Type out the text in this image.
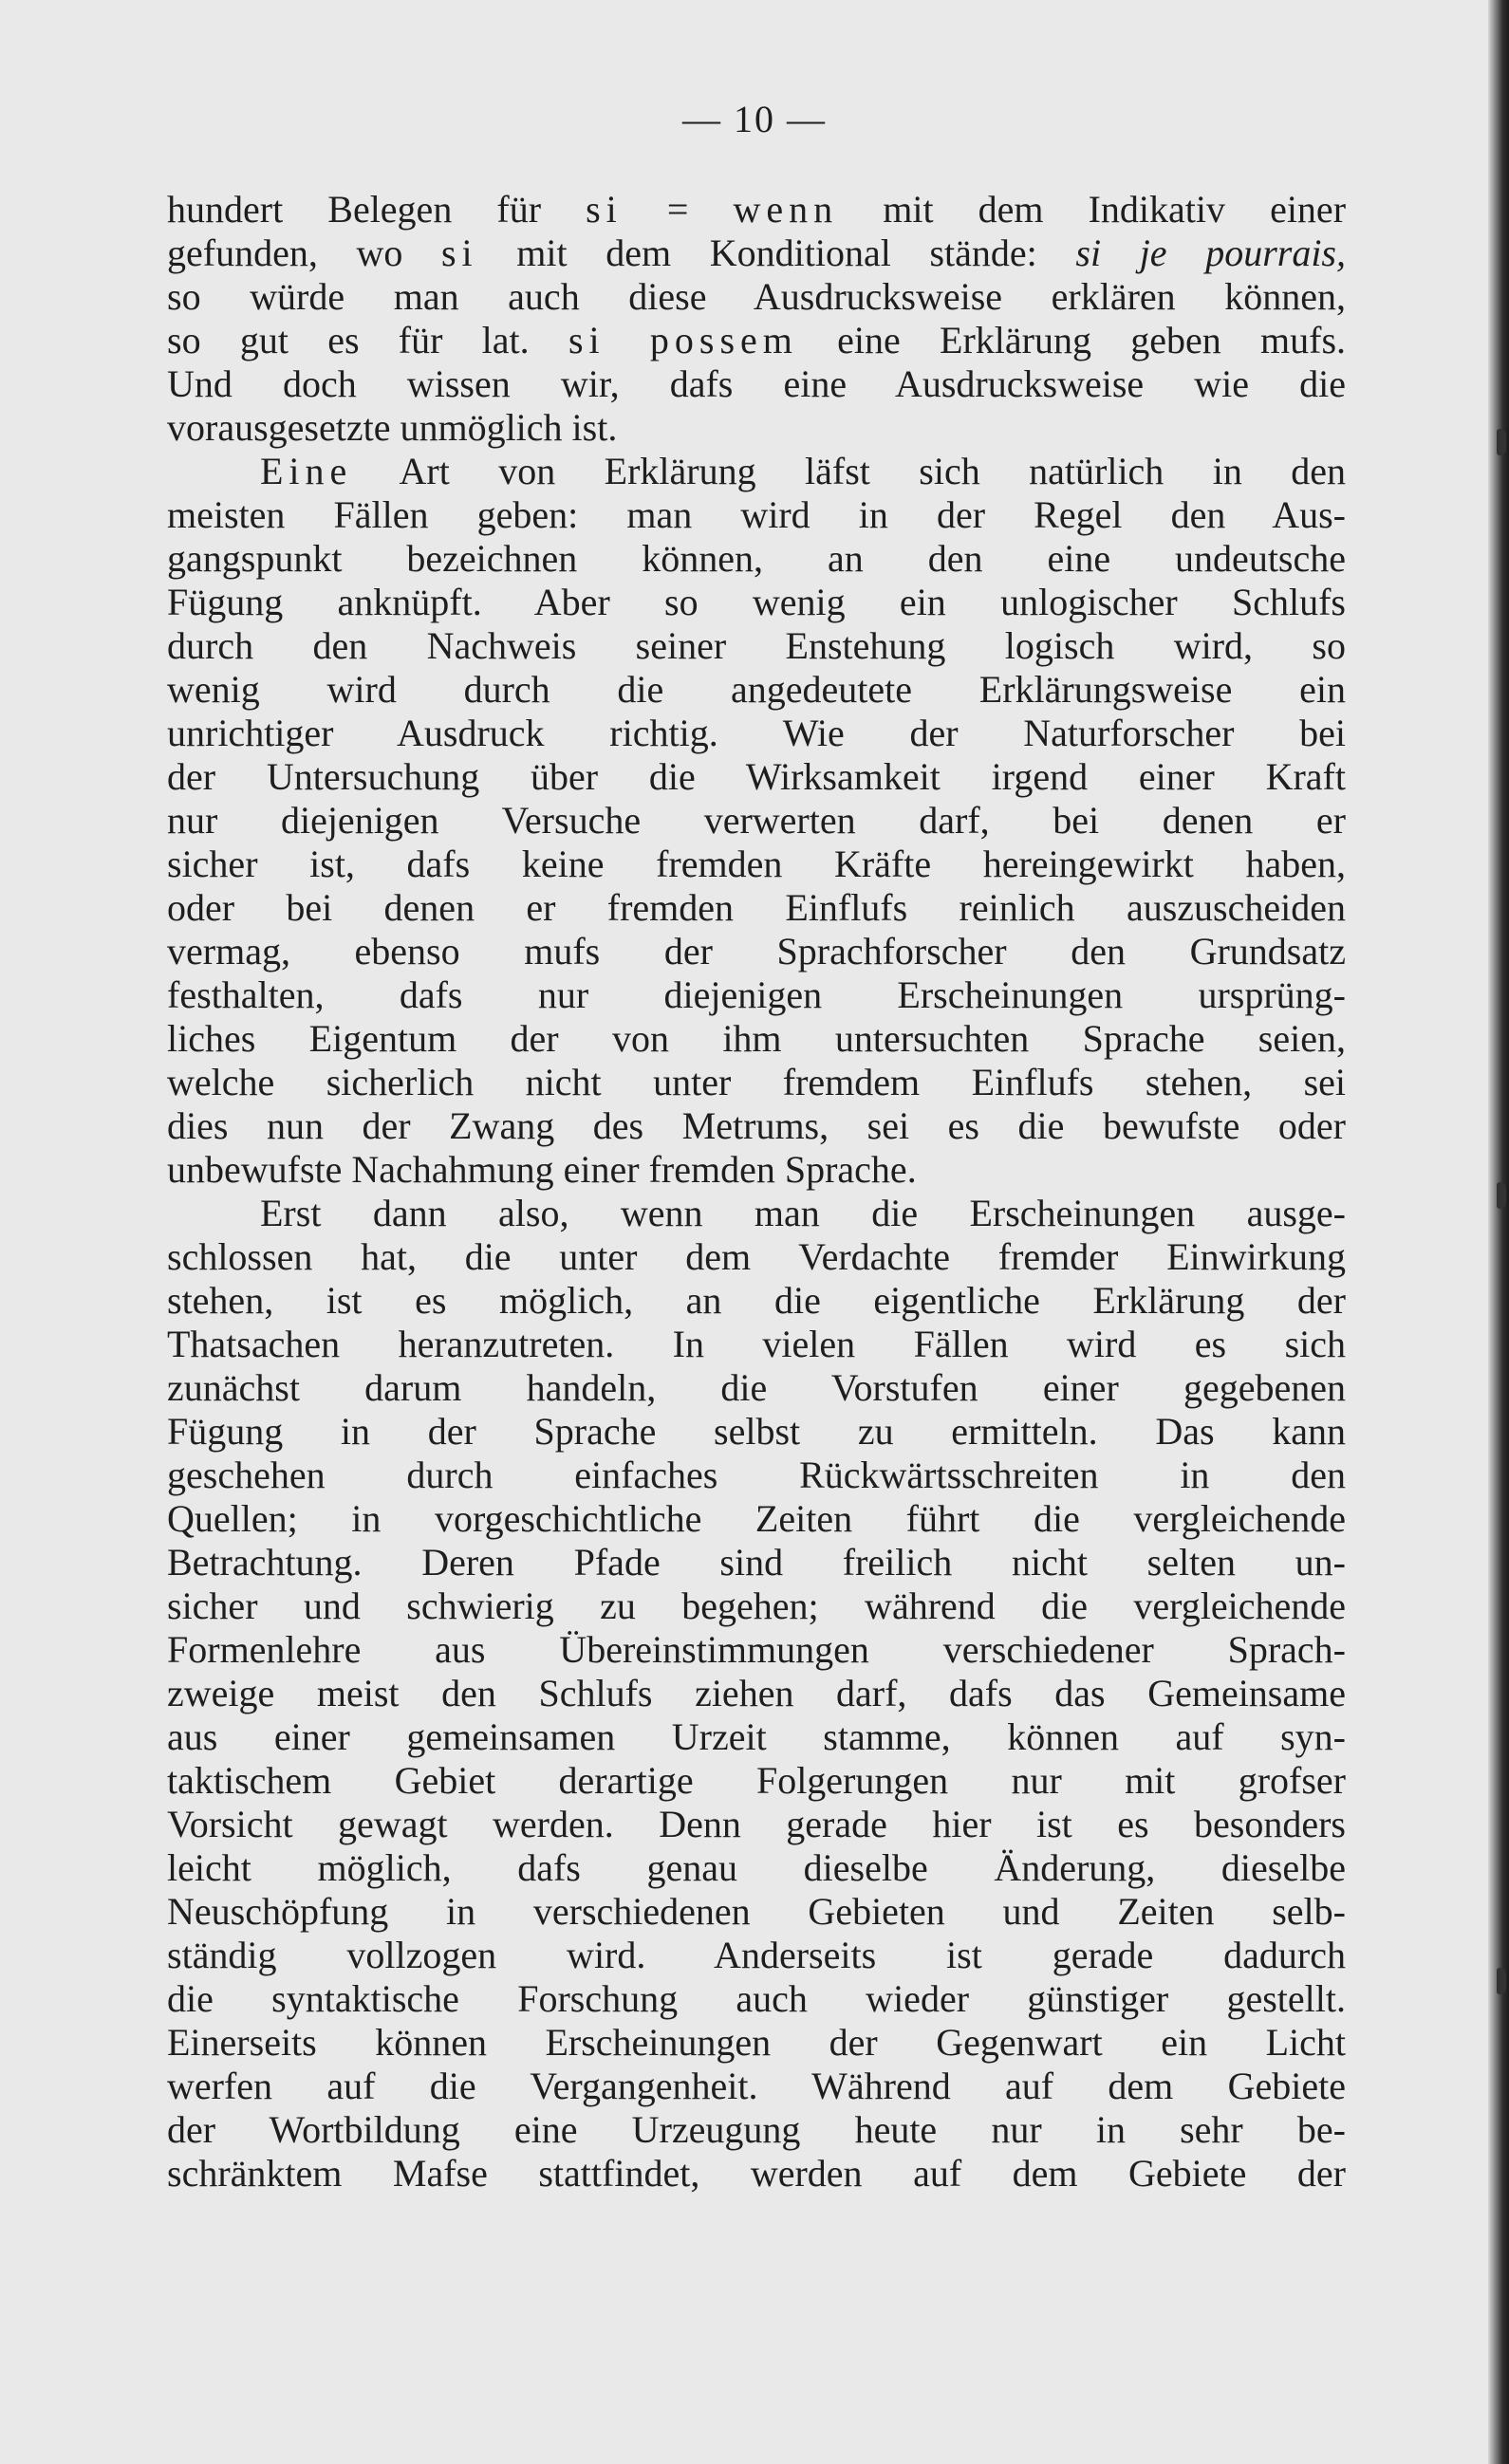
— 10 —
hundert Belegen für si = wenn mit dem Indikativ einer
gefunden, wo si mit dem Konditional stände: si je pourrais,
so würde man auch diese Ausdrucksweise erklären können,
so gut es für lat. si possem eine Erklärung geben mufs.
Und doch wissen wir, dafs eine Ausdrucksweise wie die
vorausgesetzte unmöglich ist.
Eine Art von Erklärung läfst sich natürlich in den
meisten Fällen geben: man wird in der Regel den Aus-
gangspunkt bezeichnen können, an den eine undeutsche
Fügung anknüpft. Aber so wenig ein unlogischer Schlufs
durch den Nachweis seiner Enstehung logisch wird, so
wenig wird durch die angedeutete Erklärungsweise ein
unrichtiger Ausdruck richtig. Wie der Naturforscher bei
der Untersuchung über die Wirksamkeit irgend einer Kraft
nur diejenigen Versuche verwerten darf, bei denen er
sicher ist, dafs keine fremden Kräfte hereingewirkt haben,
oder bei denen er fremden Einflufs reinlich auszuscheiden
vermag, ebenso mufs der Sprachforscher den Grundsatz
festhalten, dafs nur diejenigen Erscheinungen ursprüng-
liches Eigentum der von ihm untersuchten Sprache seien,
welche sicherlich nicht unter fremdem Einflufs stehen, sei
dies nun der Zwang des Metrums, sei es die bewufste oder
unbewufste Nachahmung einer fremden Sprache.
Erst dann also, wenn man die Erscheinungen ausge-
schlossen hat, die unter dem Verdachte fremder Einwirkung
stehen, ist es möglich, an die eigentliche Erklärung der
Thatsachen heranzutreten. In vielen Fällen wird es sich
zunächst darum handeln, die Vorstufen einer gegebenen
Fügung in der Sprache selbst zu ermitteln. Das kann
geschehen durch einfaches Rückwärtsschreiten in den
Quellen; in vorgeschichtliche Zeiten führt die vergleichende
Betrachtung. Deren Pfade sind freilich nicht selten un-
sicher und schwierig zu begehen; während die vergleichende
Formenlehre aus Übereinstimmungen verschiedener Sprach-
zweige meist den Schlufs ziehen darf, dafs das Gemeinsame
aus einer gemeinsamen Urzeit stamme, können auf syn-
taktischem Gebiet derartige Folgerungen nur mit grofser
Vorsicht gewagt werden. Denn gerade hier ist es besonders
leicht möglich, dafs genau dieselbe Änderung, dieselbe
Neuschöpfung in verschiedenen Gebieten und Zeiten selb-
ständig vollzogen wird. Anderseits ist gerade dadurch
die syntaktische Forschung auch wieder günstiger gestellt.
Einerseits können Erscheinungen der Gegenwart ein Licht
werfen auf die Vergangenheit. Während auf dem Gebiete
der Wortbildung eine Urzeugung heute nur in sehr be-
schränktem Mafse stattfindet, werden auf dem Gebiete der
